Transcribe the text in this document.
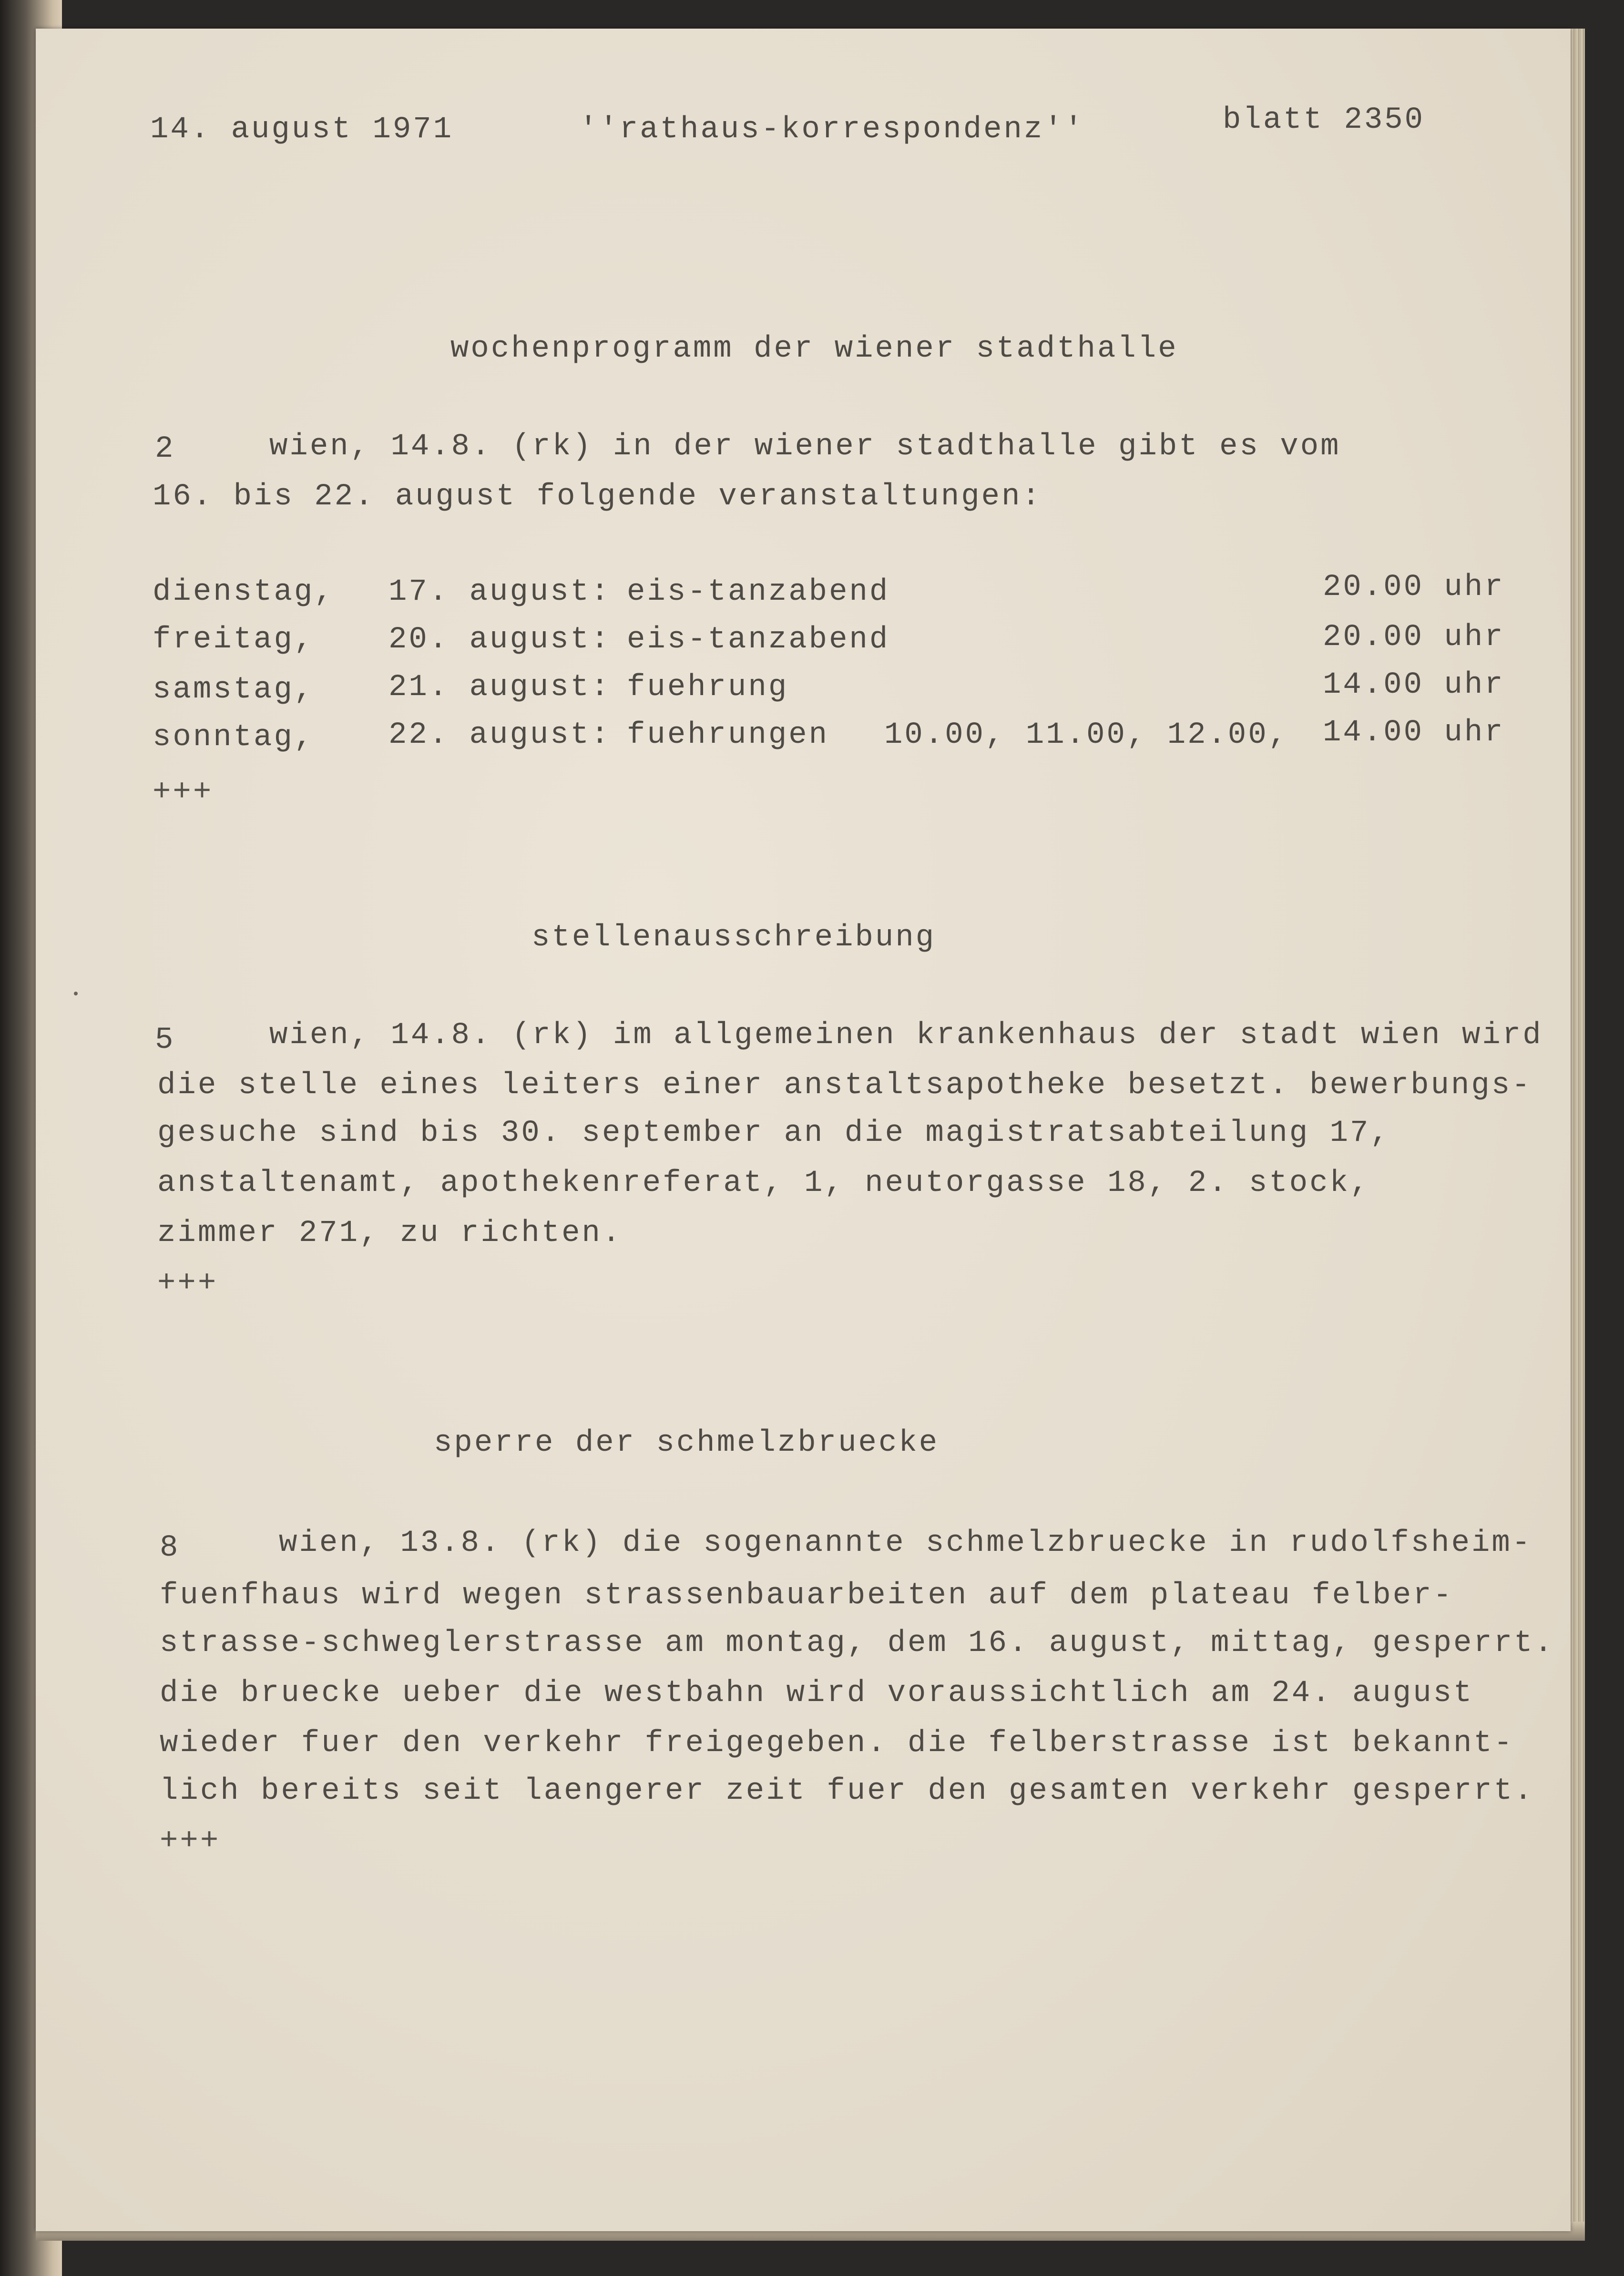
14. august 1971	''rathaus-korrespondenz''	blatt 2350
wochenprogramm der wiener stadthalle
2	wien, 14.8. (rk) in der wiener stadthalle gibt es vom
16. bis 22. august folgende veranstaltungen:
dienstag, 17. august: eis-tanzabend	20.00 uhr
freitag, 20. august: eis-tanzabend	20.00 uhr
samstag, 21. august: fuehrung	14.00 uhr
sonntag, 22. august: fuehrungen 10.00, 11.00, 12.00, 14.00 uhr
+++
stellenausschreibung
5	wien, 14.8. (rk) im allgemeinen krankenhaus der stadt wien wird
die stelle eines leiters einer anstaltsapotheke besetzt. bewerbungs-
gesuche sind bis 30. september an die magistratsabteilung 17,
anstaltenamt, apothekenreferat, 1, neutorgasse 18, 2. stock,
zimmer 271, zu richten.
+++
sperre der schmelzbruecke
8	wien, 13.8. (rk) die sogenannte schmelzbruecke in rudolfsheim-
fuenfhaus wird wegen strassenbauarbeiten auf dem plateau felber-
strasse-schweglerstrasse am montag, dem 16. august, mittag, gesperrt.
die bruecke ueber die westbahn wird voraussichtlich am 24. august
wieder fuer den verkehr freigegeben. die felberstrasse ist bekannt-
lich bereits seit laengerer zeit fuer den gesamten verkehr gesperrt.
+++
